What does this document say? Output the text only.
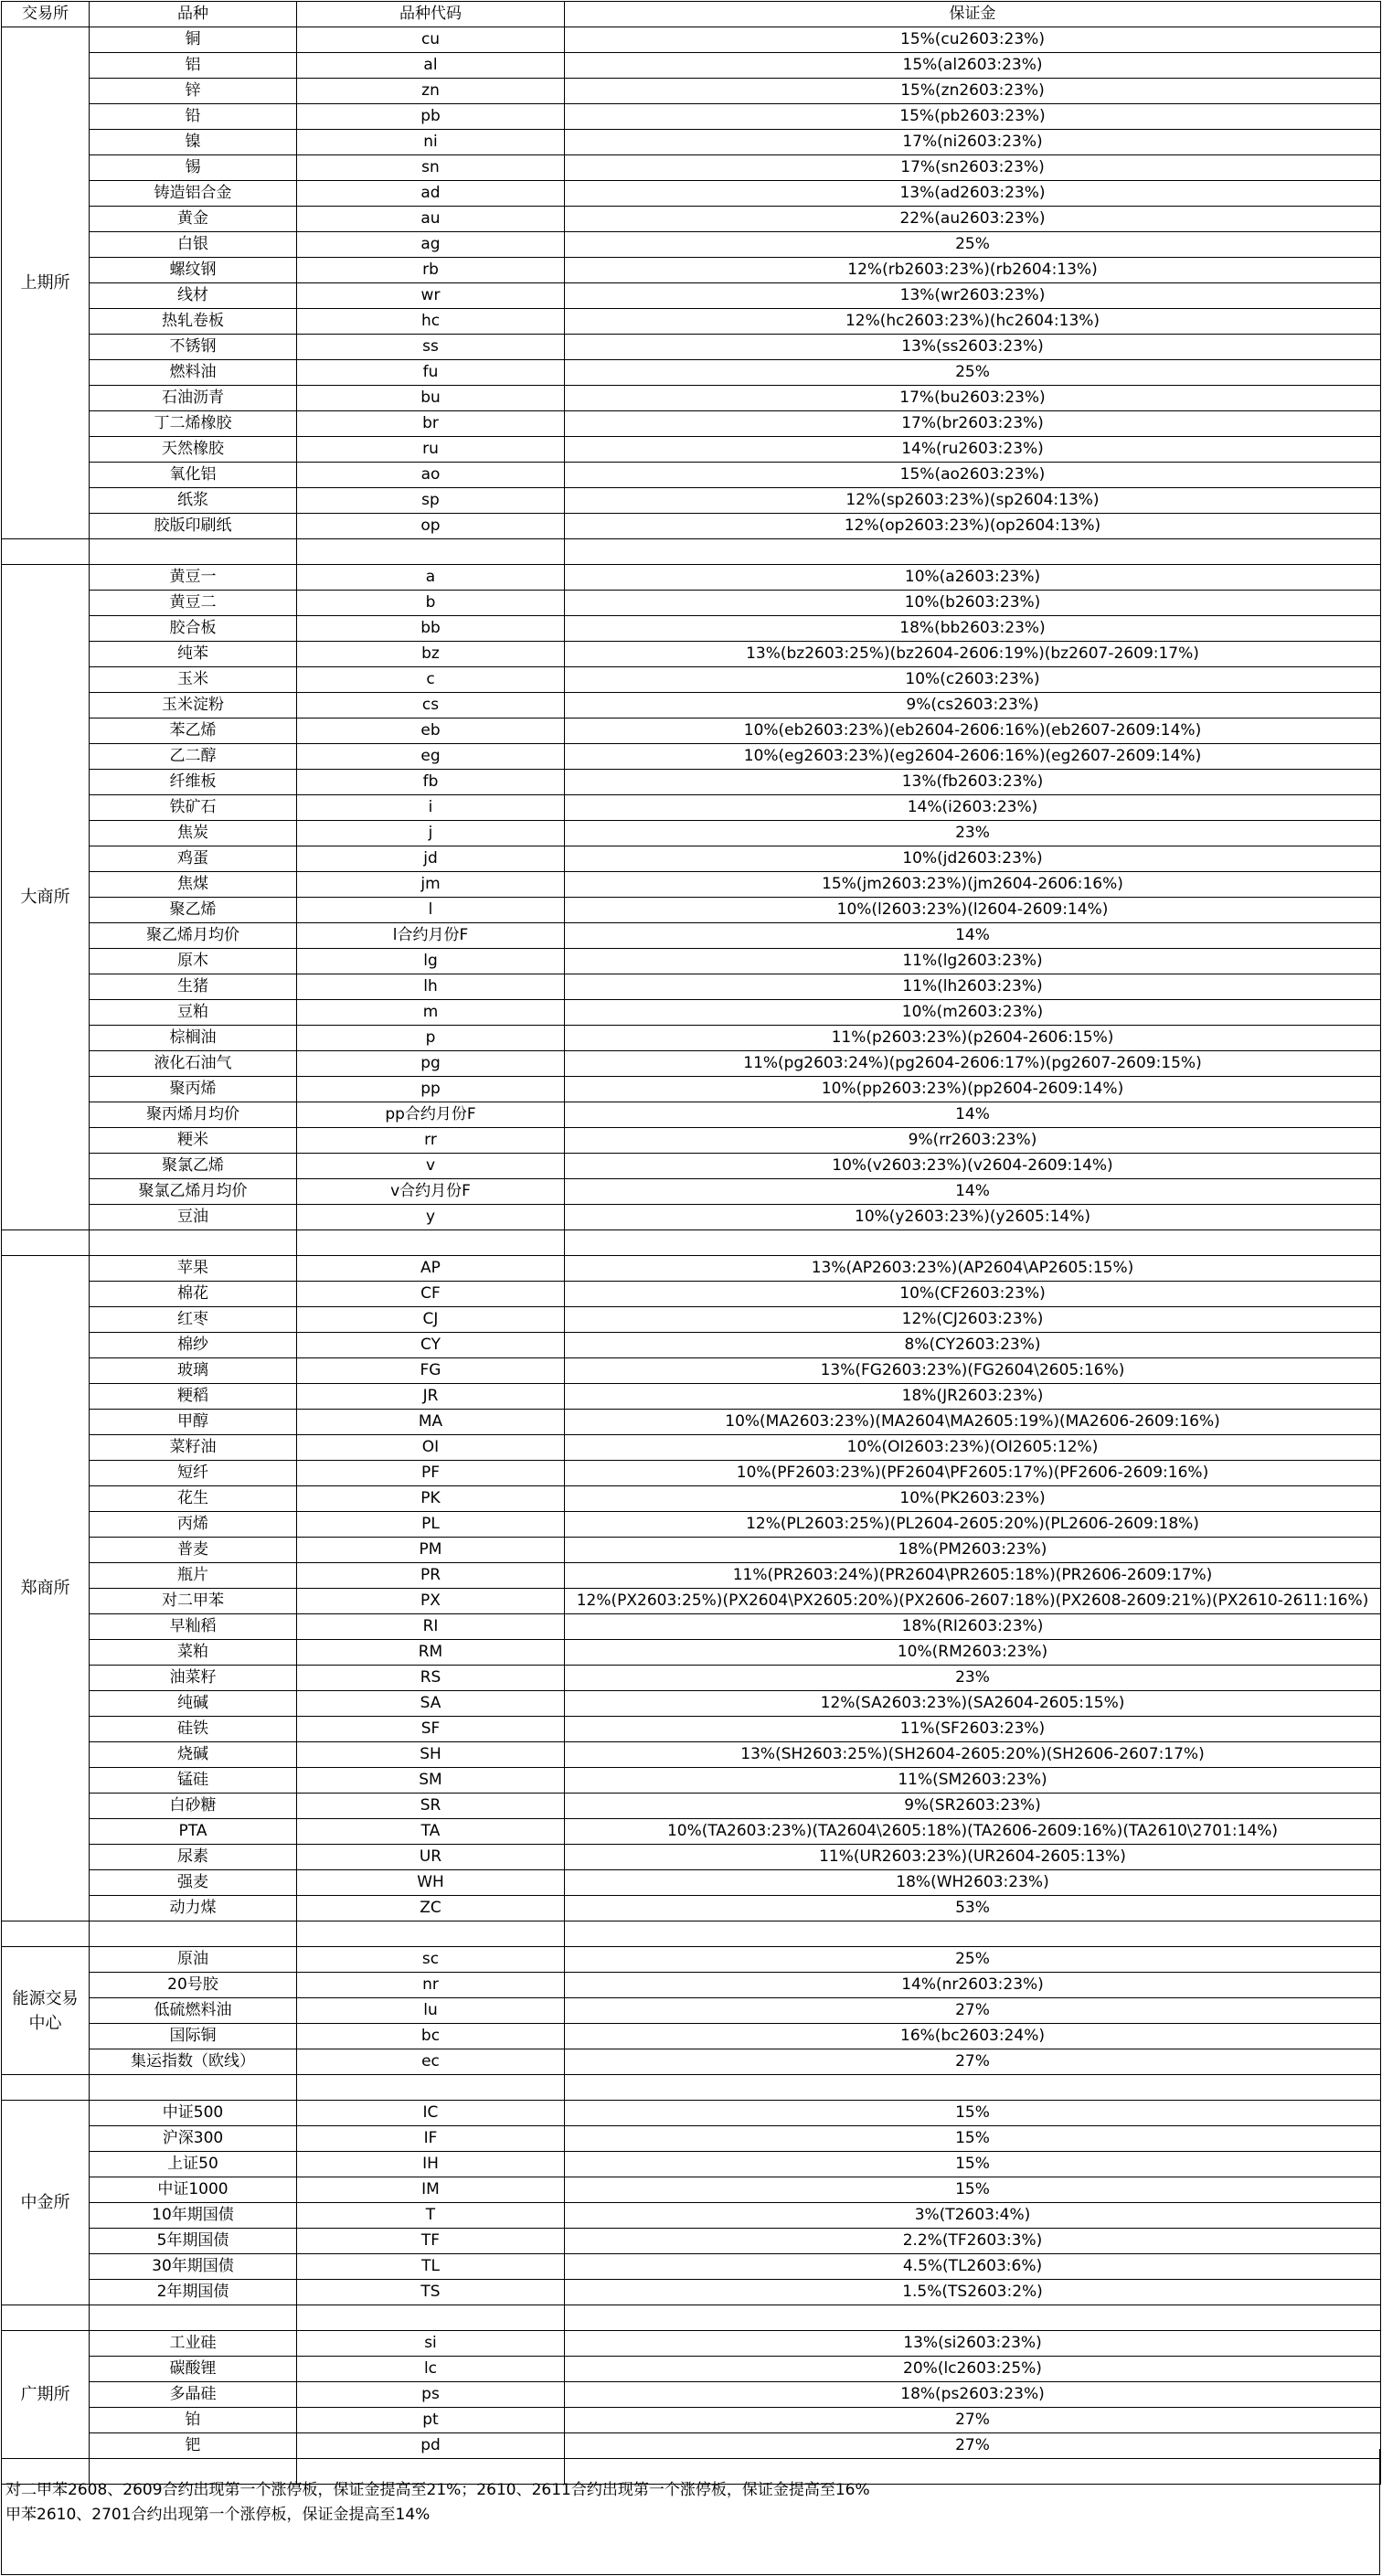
交易所	品种	品种代码	保证金
上期所	铜	cu	15%(cu2603:23%)
	铝	al	15%(al2603:23%)
	锌	zn	15%(zn2603:23%)
	铅	pb	15%(pb2603:23%)
	镍	ni	17%(ni2603:23%)
	锡	sn	17%(sn2603:23%)
	铸造铝合金	ad	13%(ad2603:23%)
	黄金	au	22%(au2603:23%)
	白银	ag	25%
	螺纹钢	rb	12%(rb2603:23%)(rb2604:13%)
	线材	wr	13%(wr2603:23%)
	热轧卷板	hc	12%(hc2603:23%)(hc2604:13%)
	不锈钢	ss	13%(ss2603:23%)
	燃料油	fu	25%
	石油沥青	bu	17%(bu2603:23%)
	丁二烯橡胶	br	17%(br2603:23%)
	天然橡胶	ru	14%(ru2603:23%)
	氧化铝	ao	15%(ao2603:23%)
	纸浆	sp	12%(sp2603:23%)(sp2604:13%)
	胶版印刷纸	op	12%(op2603:23%)(op2604:13%)

大商所	黄豆一	a	10%(a2603:23%)
	黄豆二	b	10%(b2603:23%)
	胶合板	bb	18%(bb2603:23%)
	纯苯	bz	13%(bz2603:25%)(bz2604-2606:19%)(bz2607-2609:17%)
	玉米	c	10%(c2603:23%)
	玉米淀粉	cs	9%(cs2603:23%)
	苯乙烯	eb	10%(eb2603:23%)(eb2604-2606:16%)(eb2607-2609:14%)
	乙二醇	eg	10%(eg2603:23%)(eg2604-2606:16%)(eg2607-2609:14%)
	纤维板	fb	13%(fb2603:23%)
	铁矿石	i	14%(i2603:23%)
	焦炭	j	23%
	鸡蛋	jd	10%(jd2603:23%)
	焦煤	jm	15%(jm2603:23%)(jm2604-2606:16%)
	聚乙烯	l	10%(l2603:23%)(l2604-2609:14%)
	聚乙烯月均价	l合约月份F	14%
	原木	lg	11%(lg2603:23%)
	生猪	lh	11%(lh2603:23%)
	豆粕	m	10%(m2603:23%)
	棕榈油	p	11%(p2603:23%)(p2604-2606:15%)
	液化石油气	pg	11%(pg2603:24%)(pg2604-2606:17%)(pg2607-2609:15%)
	聚丙烯	pp	10%(pp2603:23%)(pp2604-2609:14%)
	聚丙烯月均价	pp合约月份F	14%
	粳米	rr	9%(rr2603:23%)
	聚氯乙烯	v	10%(v2603:23%)(v2604-2609:14%)
	聚氯乙烯月均价	v合约月份F	14%
	豆油	y	10%(y2603:23%)(y2605:14%)

郑商所	苹果	AP	13%(AP2603:23%)(AP2604\AP2605:15%)
	棉花	CF	10%(CF2603:23%)
	红枣	CJ	12%(CJ2603:23%)
	棉纱	CY	8%(CY2603:23%)
	玻璃	FG	13%(FG2603:23%)(FG2604\2605:16%)
	粳稻	JR	18%(JR2603:23%)
	甲醇	MA	10%(MA2603:23%)(MA2604\MA2605:19%)(MA2606-2609:16%)
	菜籽油	OI	10%(OI2603:23%)(OI2605:12%)
	短纤	PF	10%(PF2603:23%)(PF2604\PF2605:17%)(PF2606-2609:16%)
	花生	PK	10%(PK2603:23%)
	丙烯	PL	12%(PL2603:25%)(PL2604-2605:20%)(PL2606-2609:18%)
	普麦	PM	18%(PM2603:23%)
	瓶片	PR	11%(PR2603:24%)(PR2604\PR2605:18%)(PR2606-2609:17%)
	对二甲苯	PX	12%(PX2603:25%)(PX2604\PX2605:20%)(PX2606-2607:18%)(PX2608-2609:21%)(PX2610-2611:16%)
	早籼稻	RI	18%(RI2603:23%)
	菜粕	RM	10%(RM2603:23%)
	油菜籽	RS	23%
	纯碱	SA	12%(SA2603:23%)(SA2604-2605:15%)
	硅铁	SF	11%(SF2603:23%)
	烧碱	SH	13%(SH2603:25%)(SH2604-2605:20%)(SH2606-2607:17%)
	锰硅	SM	11%(SM2603:23%)
	白砂糖	SR	9%(SR2603:23%)
	PTA	TA	10%(TA2603:23%)(TA2604\2605:18%)(TA2606-2609:16%)(TA2610\2701:14%)
	尿素	UR	11%(UR2603:23%)(UR2604-2605:13%)
	强麦	WH	18%(WH2603:23%)
	动力煤	ZC	53%

能源交易
中心	原油	sc	25%
	20号胶	nr	14%(nr2603:23%)
	低硫燃料油	lu	27%
	国际铜	bc	16%(bc2603:24%)
	集运指数（欧线）	ec	27%

中金所	中证500	IC	15%
	沪深300	IF	15%
	上证50	IH	15%
	中证1000	IM	15%
	10年期国债	T	3%(T2603:4%)
	5年期国债	TF	2.2%(TF2603:3%)
	30年期国债	TL	4.5%(TL2603:6%)
	2年期国债	TS	1.5%(TS2603:2%)

广期所	工业硅	si	13%(si2603:23%)
	碳酸锂	lc	20%(lc2603:25%)
	多晶硅	ps	18%(ps2603:23%)
	铂	pt	27%
	钯	pd	27%

对二甲苯2608、2609合约出现第一个涨停板，保证金提高至21%；2610、2611合约出现第一个涨停板，保证金提高至16%
甲苯2610、2701合约出现第一个涨停板，保证金提高至14%
